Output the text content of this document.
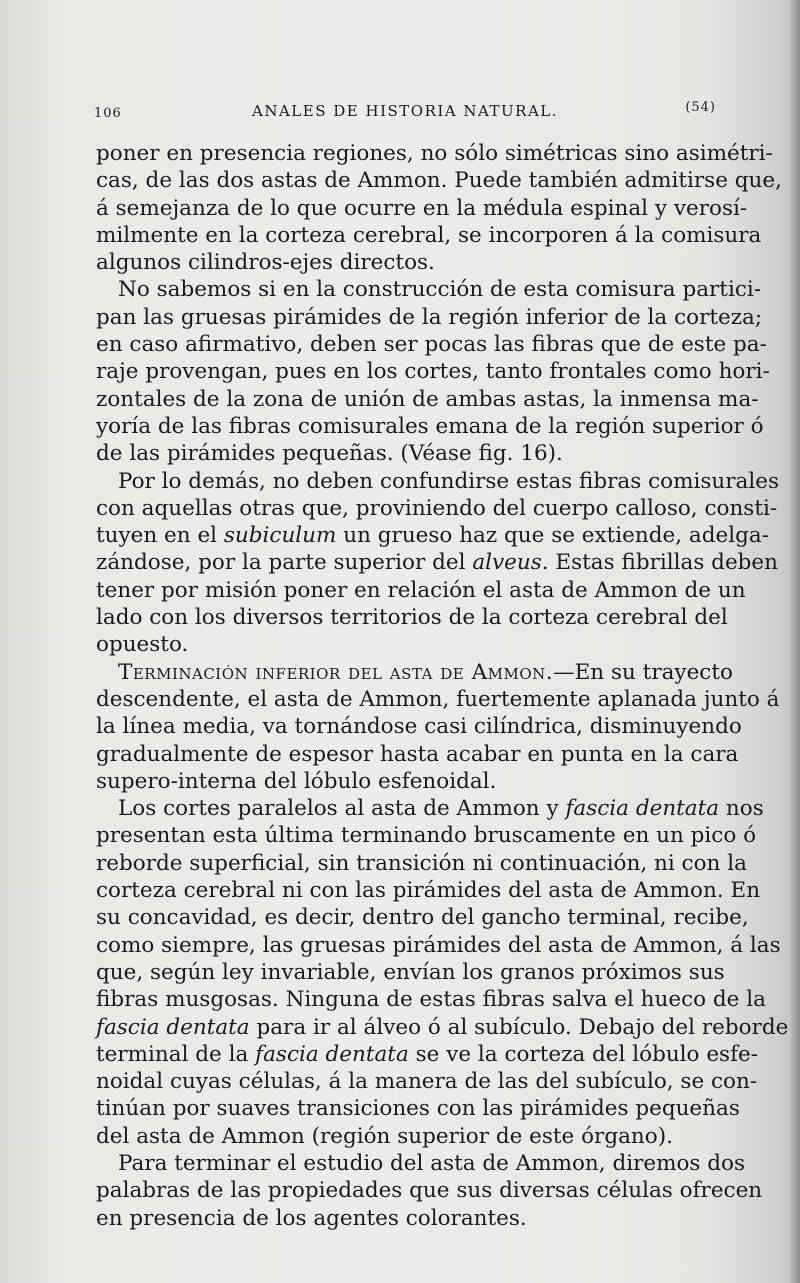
106	ANALES DE HISTORIA NATURAL.	(54)
poner en presencia regiones, no sólo simétricas sino asimétri-
cas, de las dos astas de Ammon. Puede también admitirse que,
á semejanza de lo que ocurre en la médula espinal y verosí-
milmente en la corteza cerebral, se incorporen á la comisura
algunos cilindros-ejes directos.
No sabemos si en la construcción de esta comisura partici-
pan las gruesas pirámides de la región inferior de la corteza;
en caso afirmativo, deben ser pocas las fibras que de este pa-
raje provengan, pues en los cortes, tanto frontales como hori-
zontales de la zona de unión de ambas astas, la inmensa ma-
yoría de las fibras comisurales emana de la región superior ó
de las pirámides pequeñas. (Véase fig. 16).
Por lo demás, no deben confundirse estas fibras comisurales
con aquellas otras que, proviniendo del cuerpo calloso, consti-
tuyen en el subiculum un grueso haz que se extiende, adelga-
zándose, por la parte superior del alveus. Estas fibrillas deben
tener por misión poner en relación el asta de Ammon de un
lado con los diversos territorios de la corteza cerebral del
opuesto.
Terminación inferior del asta de Ammon.—En su trayecto
descendente, el asta de Ammon, fuertemente aplanada junto á
la línea media, va tornándose casi cilíndrica, disminuyendo
gradualmente de espesor hasta acabar en punta en la cara
supero-interna del lóbulo esfenoidal.
Los cortes paralelos al asta de Ammon y fascia dentata nos
presentan esta última terminando bruscamente en un pico ó
reborde superficial, sin transición ni continuación, ni con la
corteza cerebral ni con las pirámides del asta de Ammon. En
su concavidad, es decir, dentro del gancho terminal, recibe,
como siempre, las gruesas pirámides del asta de Ammon, á las
que, según ley invariable, envían los granos próximos sus
fibras musgosas. Ninguna de estas fibras salva el hueco de la
fascia dentata para ir al álveo ó al subículo. Debajo del reborde
terminal de la fascia dentata se ve la corteza del lóbulo esfe-
noidal cuyas células, á la manera de las del subículo, se con-
tinúan por suaves transiciones con las pirámides pequeñas
del asta de Ammon (región superior de este órgano).
Para terminar el estudio del asta de Ammon, diremos dos
palabras de las propiedades que sus diversas células ofrecen
en presencia de los agentes colorantes.
